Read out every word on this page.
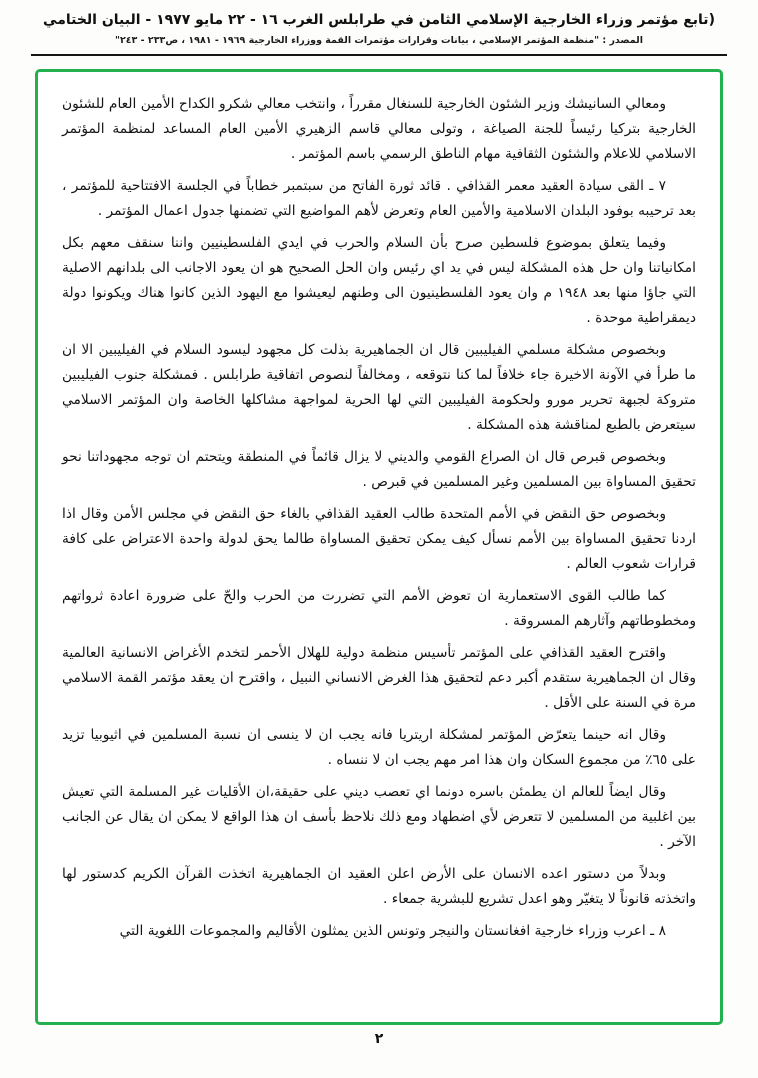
(تابع مؤتمر وزراء الخارجية الإسلامي الثامن في طرابلس الغرب ١٦ - ٢٢ مايو ١٩٧٧ - البيان الختامي
المصدر : "منظمة المؤتمر الإسلامي ، بيانات وقرارات مؤتمرات القمة ووزراء الخارجية ١٩٦٩ - ١٩٨١ ، ص٢٣٣ - ٢٤٣"

ومعالي السانيشك وزير الشئون الخارجية للسنغال مقرراً ، وانتخب معالي شكرو الكداح الأمين العام للشئون الخارجية بتركيا رئيساً للجنة الصياغة ، وتولى معالي قاسم الزهيري الأمين العام المساعد لمنظمة المؤتمر الاسلامي للاعلام والشئون الثقافية مهام الناطق الرسمي باسم المؤتمر .

٧ ـ القى سيادة العقيد معمر القذافي . قائد ثورة الفاتح من سبتمبر خطاباً في الجلسة الافتتاحية للمؤتمر ، بعد ترحيبه بوفود البلدان الاسلامية والأمين العام وتعرض لأهم المواضيع التي تضمنها جدول اعمال المؤتمر .

وفيما يتعلق بموضوع فلسطين صرح بأن السلام والحرب في ايدي الفلسطينيين واننا سنقف معهم بكل امكانياتنا وان حل هذه المشكلة ليس في يد اي رئيس وان الحل الصحيح هو ان يعود الاجانب الى بلدانهم الاصلية التي جاؤا منها بعد ١٩٤٨ م وان يعود الفلسطينيون الى وطنهم ليعيشوا مع اليهود الذين كانوا هناك ويكونوا دولة ديمقراطية موحدة .

وبخصوص مشكلة مسلمي الفيليبين قال ان الجماهيرية بذلت كل مجهود ليسود السلام في الفيليبين الا ان ما طرأ في الآونة الاخيرة جاء خلافاً لما كنا نتوقعه ، ومخالفاً لنصوص اتفاقية طرابلس . فمشكلة جنوب الفيليبين متروكة لجبهة تحرير مورو ولحكومة الفيليبين التي لها الحرية لمواجهة مشاكلها الخاصة وان المؤتمر الاسلامي سيتعرض بالطبع لمناقشة هذه المشكلة .

وبخصوص قبرص قال ان الصراع القومي والديني لا يزال قائماً في المنطقة ويتحتم ان توجه مجهوداتنا نحو تحقيق المساواة بين المسلمين وغير المسلمين في قبرص .

وبخصوص حق النقض في الأمم المتحدة طالب العقيد القذافي بالغاء حق النقض في مجلس الأمن وقال اذا اردنا تحقيق المساواة بين الأمم نسأل كيف يمكن تحقيق المساواة طالما يحق لدولة واحدة الاعتراض على كافة قرارات شعوب العالم .

كما طالب القوى الاستعمارية ان تعوض الأمم التي تضررت من الحرب والحّ على ضرورة اعادة ثرواتهم ومخطوطاتهم وآثارهم المسروقة .

واقترح العقيد القذافي على المؤتمر تأسيس منظمة دولية للهلال الأحمر لتخدم الأغراض الانسانية العالمية وقال ان الجماهيرية ستقدم أكبر دعم لتحقيق هذا الغرض الانساني النبيل ، واقترح ان يعقد مؤتمر القمة الاسلامي مرة في السنة على الأقل .

وقال انه حينما يتعرّض المؤتمر لمشكلة اريتريا فانه يجب ان لا ينسى ان نسبة المسلمين في اثيوبيا تزيد على ٦٥٪ من مجموع السكان وان هذا امر مهم يجب ان لا ننساه .

وقال ايضاً للعالم ان يطمئن باسره دونما اي تعصب ديني على حقيقة،ان الأقليات غير المسلمة التي تعيش بين اغلبية من المسلمين لا تتعرض لأي اضطهاد ومع ذلك نلاحظ بأسف ان هذا الواقع لا يمكن ان يقال عن الجانب الآخر .

وبدلاً من دستور اعده الانسان على الأرض اعلن العقيد ان الجماهيرية اتخذت القرآن الكريم كدستور لها واتخذته قانوناً لا يتغيّر وهو اعدل تشريع للبشرية جمعاء .

٨ ـ اعرب وزراء خارجية افغانستان والنيجر وتونس الذين يمثلون الأقاليم والمجموعات اللغوية التي

٢
